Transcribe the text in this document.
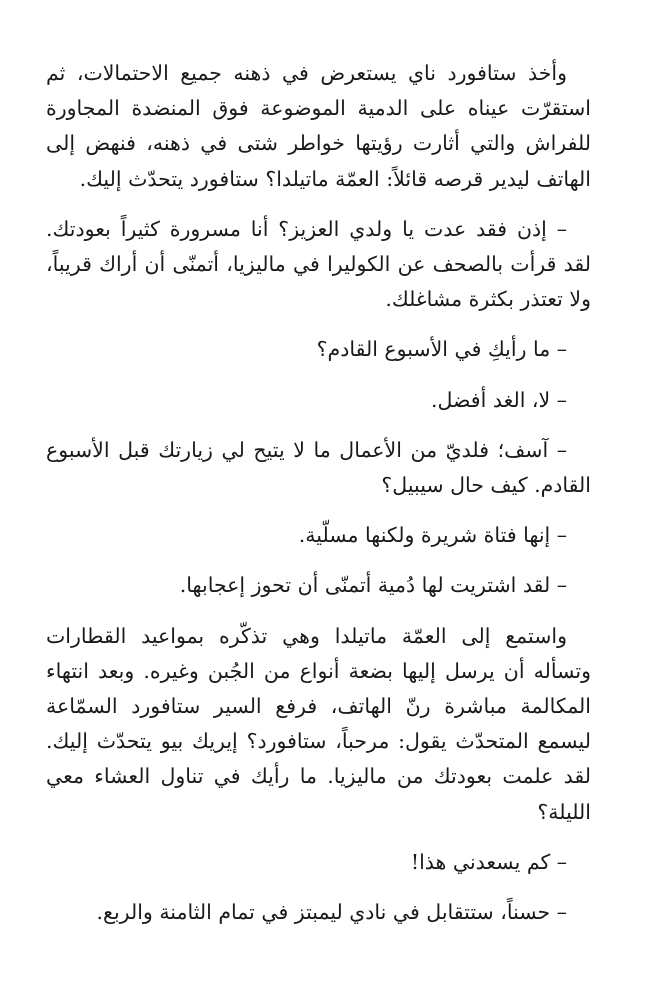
وأخذ ستافورد ناي يستعرض في ذهنه جميع الاحتمالات، ثم استقرّت عيناه على الدمية الموضوعة فوق المنضدة المجاورة للفراش والتي أثارت رؤيتها خواطر شتى في ذهنه، فنهض إلى الهاتف ليدير قرصه قائلاً: العمّة ماتيلدا؟ ستافورد يتحدّث إليك.

– إذن فقد عدت يا ولدي العزيز؟ أنا مسرورة كثيراً بعودتك. لقد قرأت بالصحف عن الكوليرا في ماليزيا، أتمنّى أن أراك قريباً، ولا تعتذر بكثرة مشاغلك.

– ما رأيكِ في الأسبوع القادم؟

– لا، الغد أفضل.

– آسف؛ فلديّ من الأعمال ما لا يتيح لي زيارتك قبل الأسبوع القادم. كيف حال سيبيل؟

– إنها فتاة شريرة ولكنها مسلّية.

– لقد اشتريت لها دُمية أتمنّى أن تحوز إعجابها.

واستمع إلى العمّة ماتيلدا وهي تذكّره بمواعيد القطارات وتسأله أن يرسل إليها بضعة أنواع من الجُبن وغيره. وبعد انتهاء المكالمة مباشرة رنّ الهاتف، فرفع السير ستافورد السمّاعة ليسمع المتحدّث يقول: مرحباً، ستافورد؟ إيريك بيو يتحدّث إليك. لقد علمت بعودتك من ماليزيا. ما رأيك في تناول العشاء معي الليلة؟

– كم يسعدني هذا!

– حسناً، ستتقابل في نادي ليمبتز في تمام الثامنة والربع.
